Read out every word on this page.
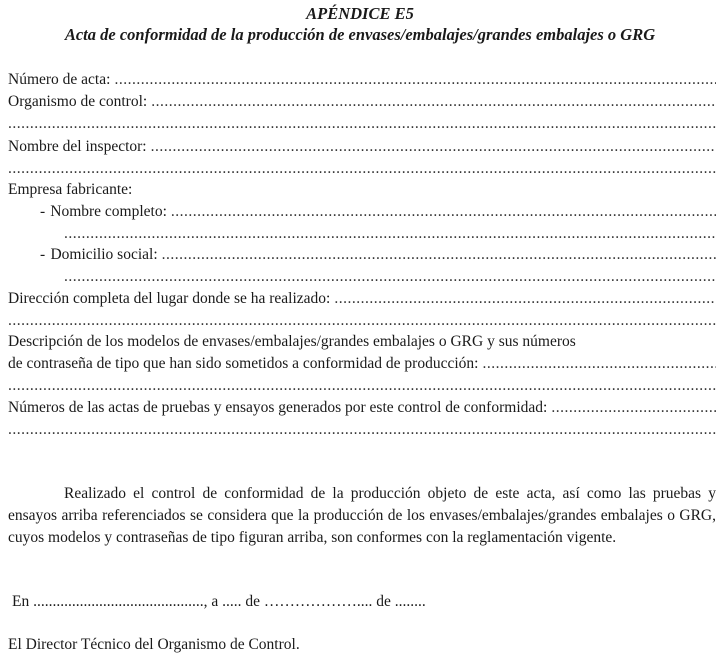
APÉNDICE E5
Acta de conformidad de la producción de envases/embalajes/grandes embalajes o GRG
Número de acta:
.....
Organismo de control:
.....
.....
Nombre del inspector:
.....
.....
Empresa fabricante:
- Nombre completo:
.....
.....
- Domicilio social:
.....
.....
Dirección completa del lugar donde se ha realizado:
.....
.....
Descripción de los modelos de envases/embalajes/grandes embalajes o GRG y sus números
de contraseña de tipo que han sido sometidos a conformidad de producción:
.....
.....
Números de las actas de pruebas y ensayos generados por este control de conformidad:
.....
.....
Realizado el control de conformidad de la producción objeto de este acta, así como las pruebas y ensayos arriba referenciados se considera que la producción de los envases/embalajes/grandes embalajes o GRG, cuyos modelos y contraseñas de tipo figuran arriba, son conformes con la reglamentación vigente.
En ............................................, a ..... de ……………….... de ........
El Director Técnico del Organismo de Control.
